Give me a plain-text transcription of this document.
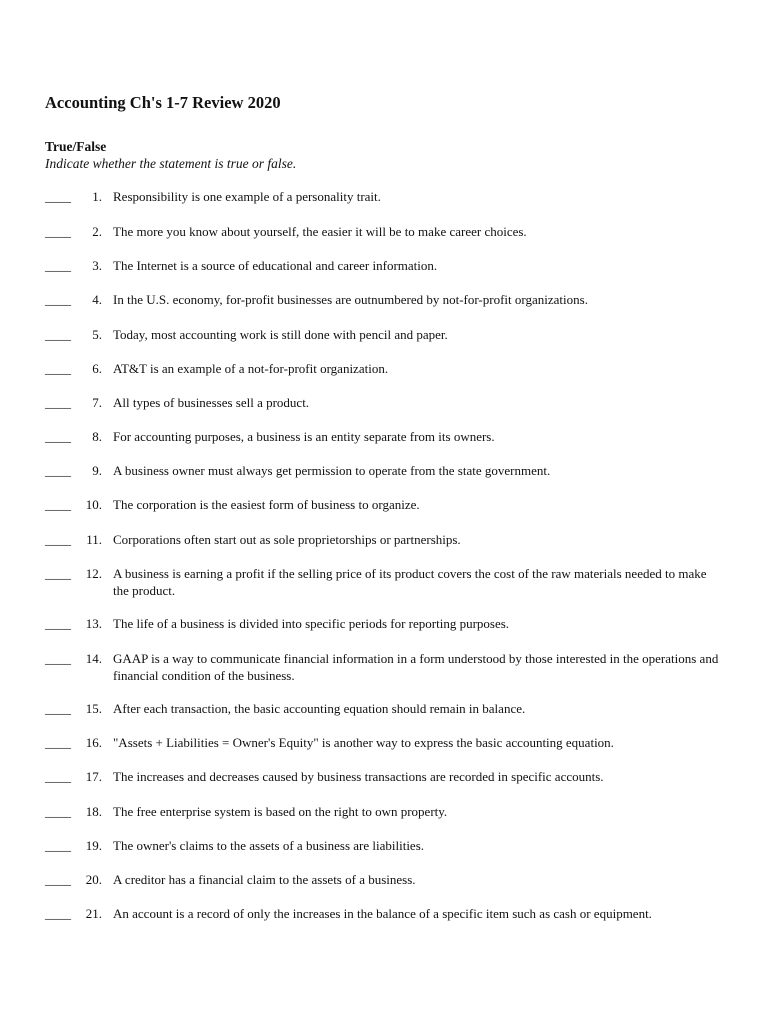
Accounting Ch's 1-7 Review 2020
True/False
Indicate whether the statement is true or false.
____	1. Responsibility is one example of a personality trait.
____	2. The more you know about yourself, the easier it will be to make career choices.
____	3. The Internet is a source of educational and career information.
____	4. In the U.S. economy, for-profit businesses are outnumbered by not-for-profit organizations.
____	5. Today, most accounting work is still done with pencil and paper.
____	6. AT&T is an example of a not-for-profit organization.
____	7. All types of businesses sell a product.
____	8. For accounting purposes, a business is an entity separate from its owners.
____	9. A business owner must always get permission to operate from the state government.
____	10. The corporation is the easiest form of business to organize.
____	11. Corporations often start out as sole proprietorships or partnerships.
____	12. A business is earning a profit if the selling price of its product covers the cost of the raw materials needed to make the product.
____	13. The life of a business is divided into specific periods for reporting purposes.
____	14. GAAP is a way to communicate financial information in a form understood by those interested in the operations and financial condition of the business.
____	15. After each transaction, the basic accounting equation should remain in balance.
____	16. "Assets + Liabilities = Owner's Equity" is another way to express the basic accounting equation.
____	17. The increases and decreases caused by business transactions are recorded in specific accounts.
____	18. The free enterprise system is based on the right to own property.
____	19. The owner's claims to the assets of a business are liabilities.
____	20. A creditor has a financial claim to the assets of a business.
____	21. An account is a record of only the increases in the balance of a specific item such as cash or equipment.
